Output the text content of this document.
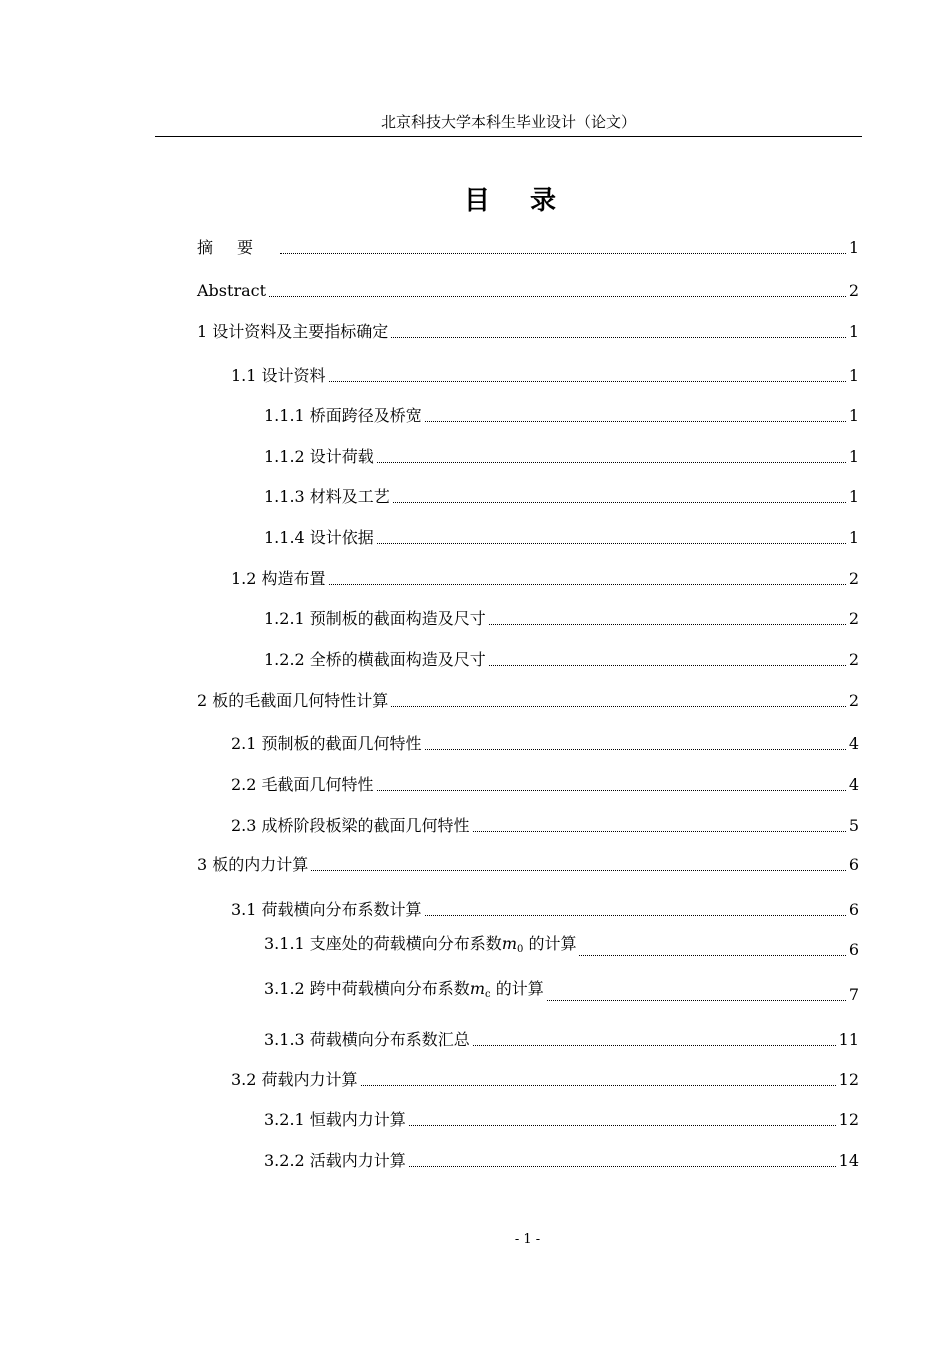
北京科技大学本科生毕业设计（论文）
目录
摘要	1
Abstract	2
1 设计资料及主要指标确定	1
1.1 设计资料	1
1.1.1 桥面跨径及桥宽	1
1.1.2 设计荷载	1
1.1.3 材料及工艺	1
1.1.4 设计依据	1
1.2 构造布置	2
1.2.1 预制板的截面构造及尺寸	2
1.2.2 全桥的横截面构造及尺寸	2
2 板的毛截面几何特性计算	2
2.1 预制板的截面几何特性	4
2.2 毛截面几何特性	4
2.3 成桥阶段板梁的截面几何特性	5
3 板的内力计算	6
3.1 荷载横向分布系数计算	6
3.1.1 支座处的荷载横向分布系数$m_0$ 的计算	6
3.1.2 跨中荷载横向分布系数$m_c$ 的计算	7
3.1.3 荷载横向分布系数汇总	11
3.2 荷载内力计算	12
3.2.1 恒载内力计算	12
3.2.2 活载内力计算	14
- 1 -
